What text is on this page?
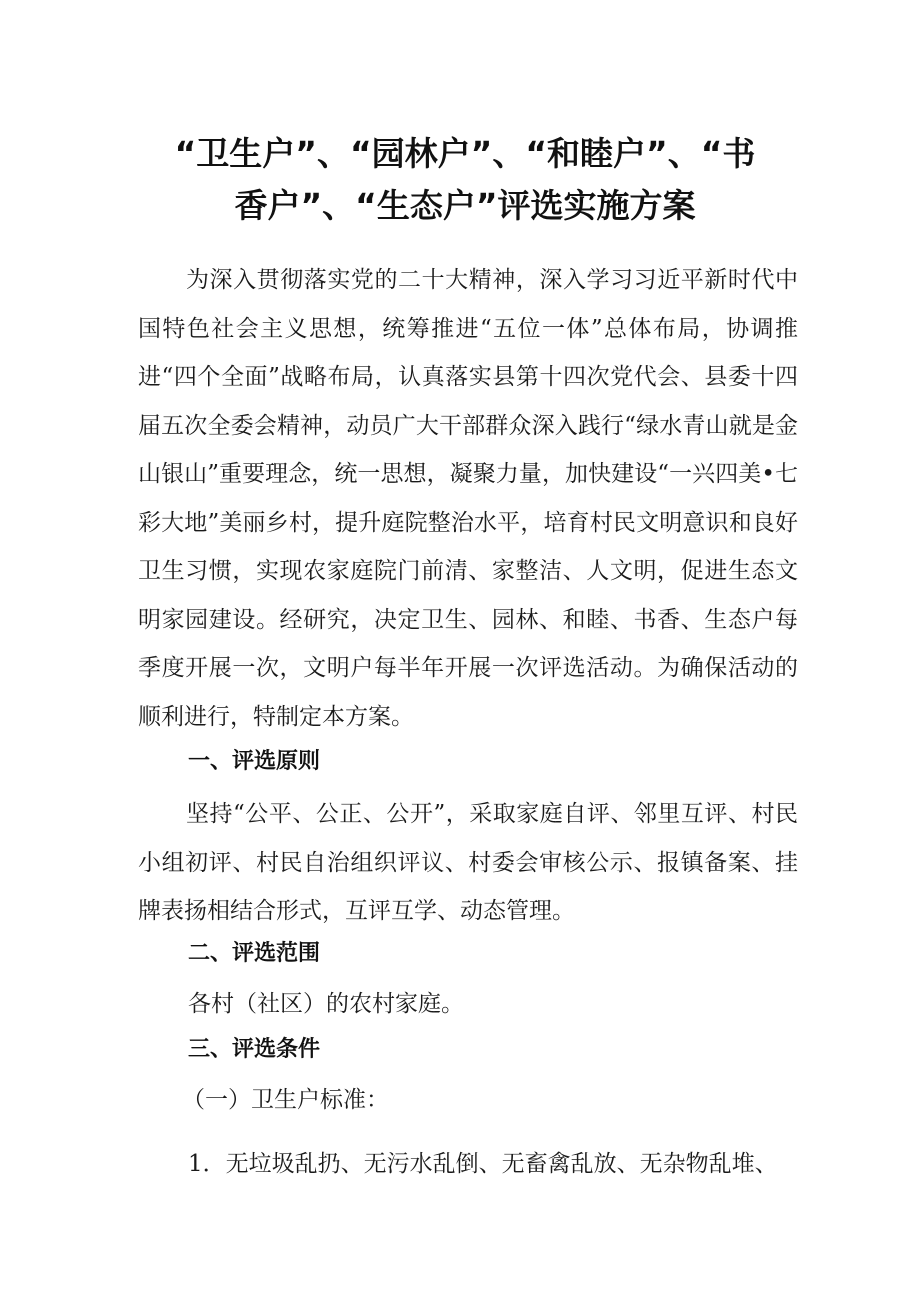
“卫生户”、“园林户”、“和睦户”、“书
香户”、“生态户”评选实施方案

为深入贯彻落实党的二十大精神，深入学习习近平新时代中国特色社会主义思想，统筹推进“五位一体”总体布局，协调推进“四个全面”战略布局，认真落实县第十四次党代会、县委十四届五次全委会精神，动员广大干部群众深入践行“绿水青山就是金山银山”重要理念，统一思想，凝聚力量，加快建设“一兴四美•七彩大地”美丽乡村，提升庭院整治水平，培育村民文明意识和良好卫生习惯，实现农家庭院门前清、家整洁、人文明，促进生态文明家园建设。经研究，决定卫生、园林、和睦、书香、生态户每季度开展一次，文明户每半年开展一次评选活动。为确保活动的顺利进行，特制定本方案。

一、评选原则

坚持“公平、公正、公开”，采取家庭自评、邻里互评、村民小组初评、村民自治组织评议、村委会审核公示、报镇备案、挂牌表扬相结合形式，互评互学、动态管理。

二、评选范围
各村（社区）的农村家庭。
三、评选条件
（一）卫生户标准：
1．无垃圾乱扔、无污水乱倒、无畜禽乱放、无杂物乱堆、
